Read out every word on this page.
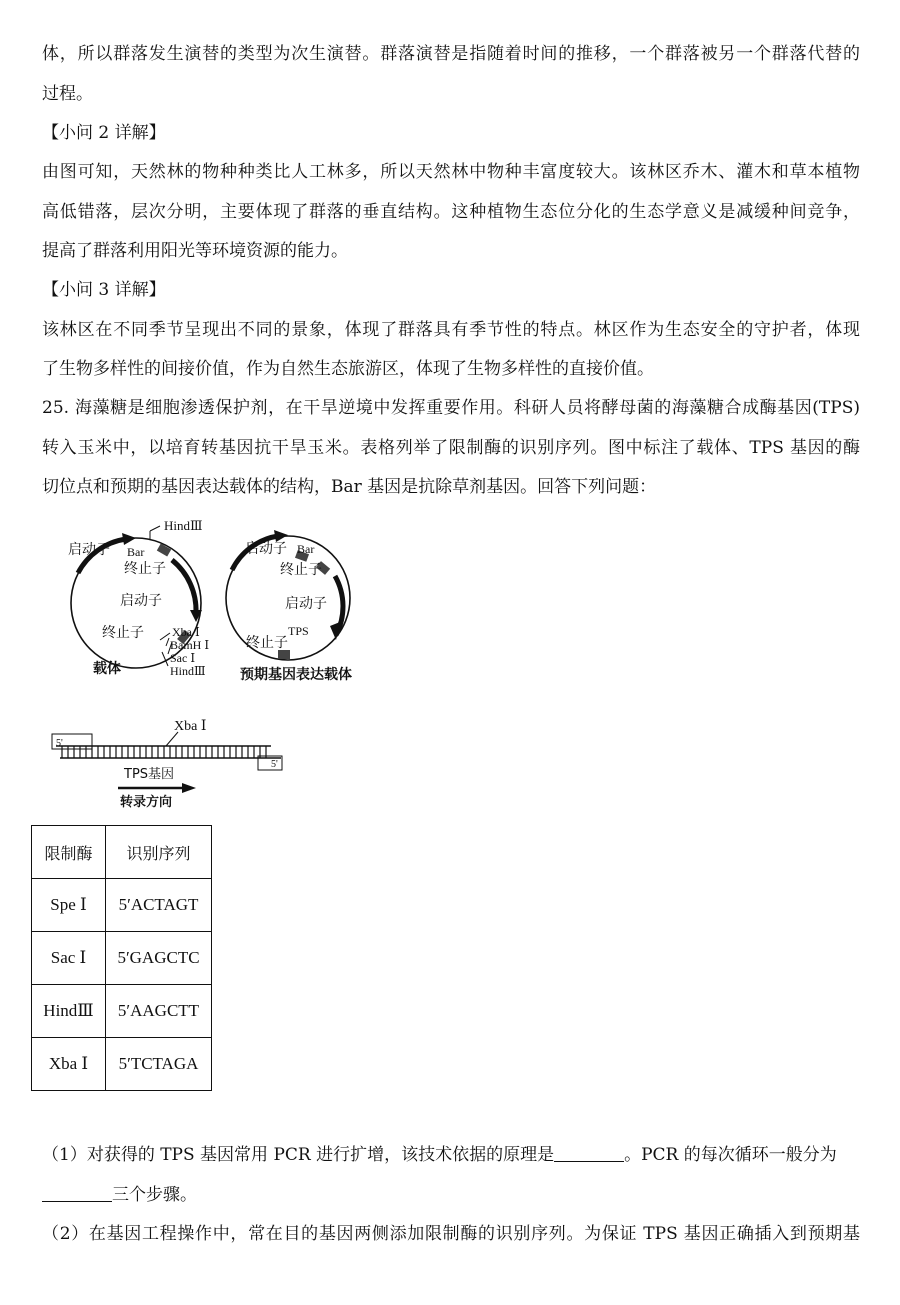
体，所以群落发生演替的类型为次生演替。群落演替是指随着时间的推移，一个群落被另一个群落代替的
过程。
【小问 2 详解】
由图可知，天然林的物种种类比人工林多，所以天然林中物种丰富度较大。该林区乔木、灌木和草本植物
高低错落，层次分明，主要体现了群落的垂直结构。这种植物生态位分化的生态学意义是减缓种间竞争，
提高了群落利用阳光等环境资源的能力。
【小问 3 详解】
该林区在不同季节呈现出不同的景象，体现了群落具有季节性的特点。林区作为生态安全的守护者，体现
了生物多样性的间接价值，作为自然生态旅游区，体现了生物多样性的直接价值。
25. 海藻糖是细胞渗透保护剂，在干旱逆境中发挥重要作用。科研人员将酵母菌的海藻糖合成酶基因(TPS)
转入玉米中，以培育转基因抗干旱玉米。表格列举了限制酶的识别序列。图中标注了载体、TPS 基因的酶
切位点和预期的基因表达载体的结构，Bar 基因是抗除草剂基因。回答下列问题：
启动子 Bar
终止子
HindⅢ
启动子
终止子 Xba Ⅰ
BamH Ⅰ
Sac Ⅰ
HindⅢ
载体
启动子 Bar
终止子
启动子
TPS
终止子
预期基因表达载体
5'
5'
Xba Ⅰ
TPS基因
转录方向
限制酶	识别序列
Spe Ⅰ	5′ACTAGT
Sac Ⅰ	5′GAGCTC
HindⅢ	5′AAGCTT
Xba Ⅰ	5′TCTAGA
（1）对获得的 TPS 基因常用 PCR 进行扩增，该技术依据的原理是	。PCR 的每次循环一般分为
三个步骤。
（2）在基因工程操作中，常在目的基因两侧添加限制酶的识别序列。为保证 TPS 基因正确插入到预期基
